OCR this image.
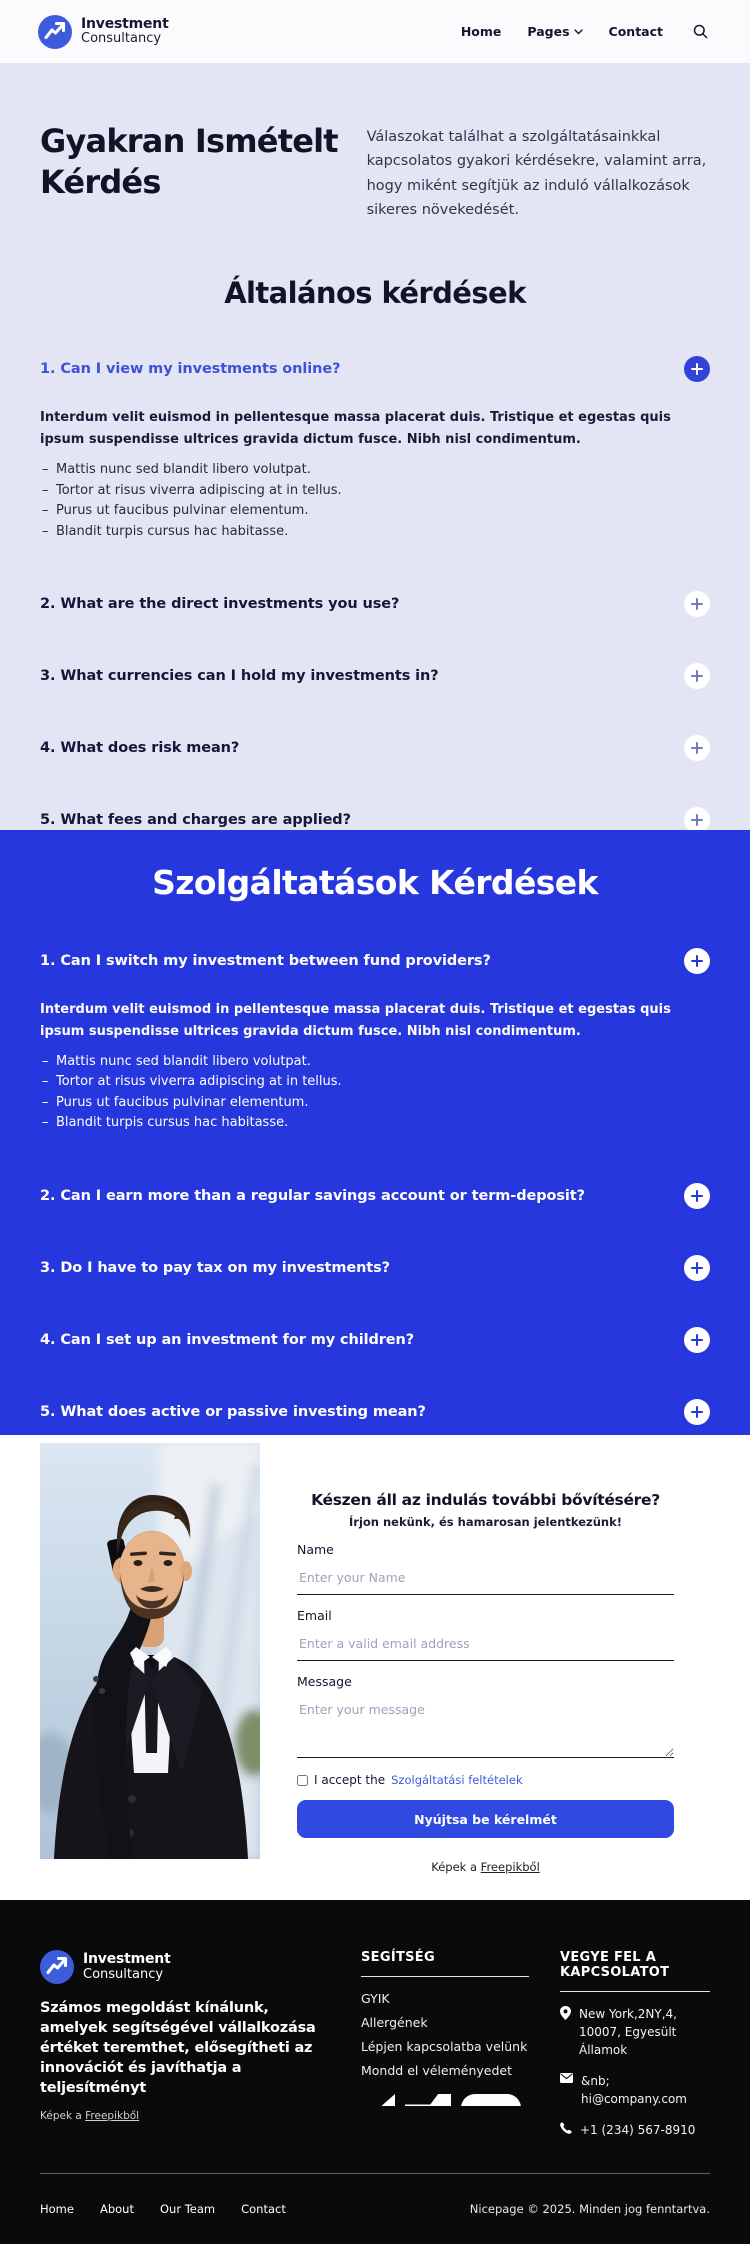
Investment
Consultancy	Home Pages	Contact
Gyakran Ismételt Kérdés

Válaszokat találhat a szolgáltatásainkkal kapcsolatos gyakori kérdésekre, valamint arra, hogy miként segítjük az induló vállalkozások sikeres növekedését.

Általános kérdések
1. Can I view my investments online?

Interdum velit euismod in pellentesque massa placerat duis. Tristique et egestas quis ipsum suspendisse ultrices gravida dictum fusce. Nibh nisl condimentum.

– Mattis nunc sed blandit libero volutpat.
– Tortor at risus viverra adipiscing at in tellus.
– Purus ut faucibus pulvinar elementum.
– Blandit turpis cursus hac habitasse.
2. What are the direct investments you use?
3. What currencies can I hold my investments in?
4. What does risk mean?
5. What fees and charges are applied?
Szolgáltatások Kérdések
1. Can I switch my investment between fund providers?

Interdum velit euismod in pellentesque massa placerat duis. Tristique et egestas quis ipsum suspendisse ultrices gravida dictum fusce. Nibh nisl condimentum.

– Mattis nunc sed blandit libero volutpat.
– Tortor at risus viverra adipiscing at in tellus.
– Purus ut faucibus pulvinar elementum.
– Blandit turpis cursus hac habitasse.
2. Can I earn more than a regular savings account or term-deposit?
3. Do I have to pay tax on my investments?
4. Can I set up an investment for my children?
5. What does active or passive investing mean?
Készen áll az indulás további bővítésére?

Írjon nekünk, és hamarosan jelentkezünk!

Name
Enter your Name
Email
Enter a valid email address
Message
Enter your message
I accept the Szolgáltatási feltételek
Nyújtsa be kérelmét

Képek a Freepikből

Investment
Consultancy

Számos megoldást kínálunk, amelyek segítségével vállalkozása értéket teremthet, elősegítheti az innovációt és javíthatja a teljesítményt

Képek a Freepikből

SEGÍTSÉG
GYIK
Allergének
Lépjen kapcsolatba velünk
Mondd el véleményedet
VEGYE FEL A KAPCSOLATOT
New York,2NY,4, 10007, Egyesült Államok
&nb; hi@company.com
+1 (234) 567-8910
Home About Our Team Contact	Nicepage © 2025. Minden jog fenntartva.
